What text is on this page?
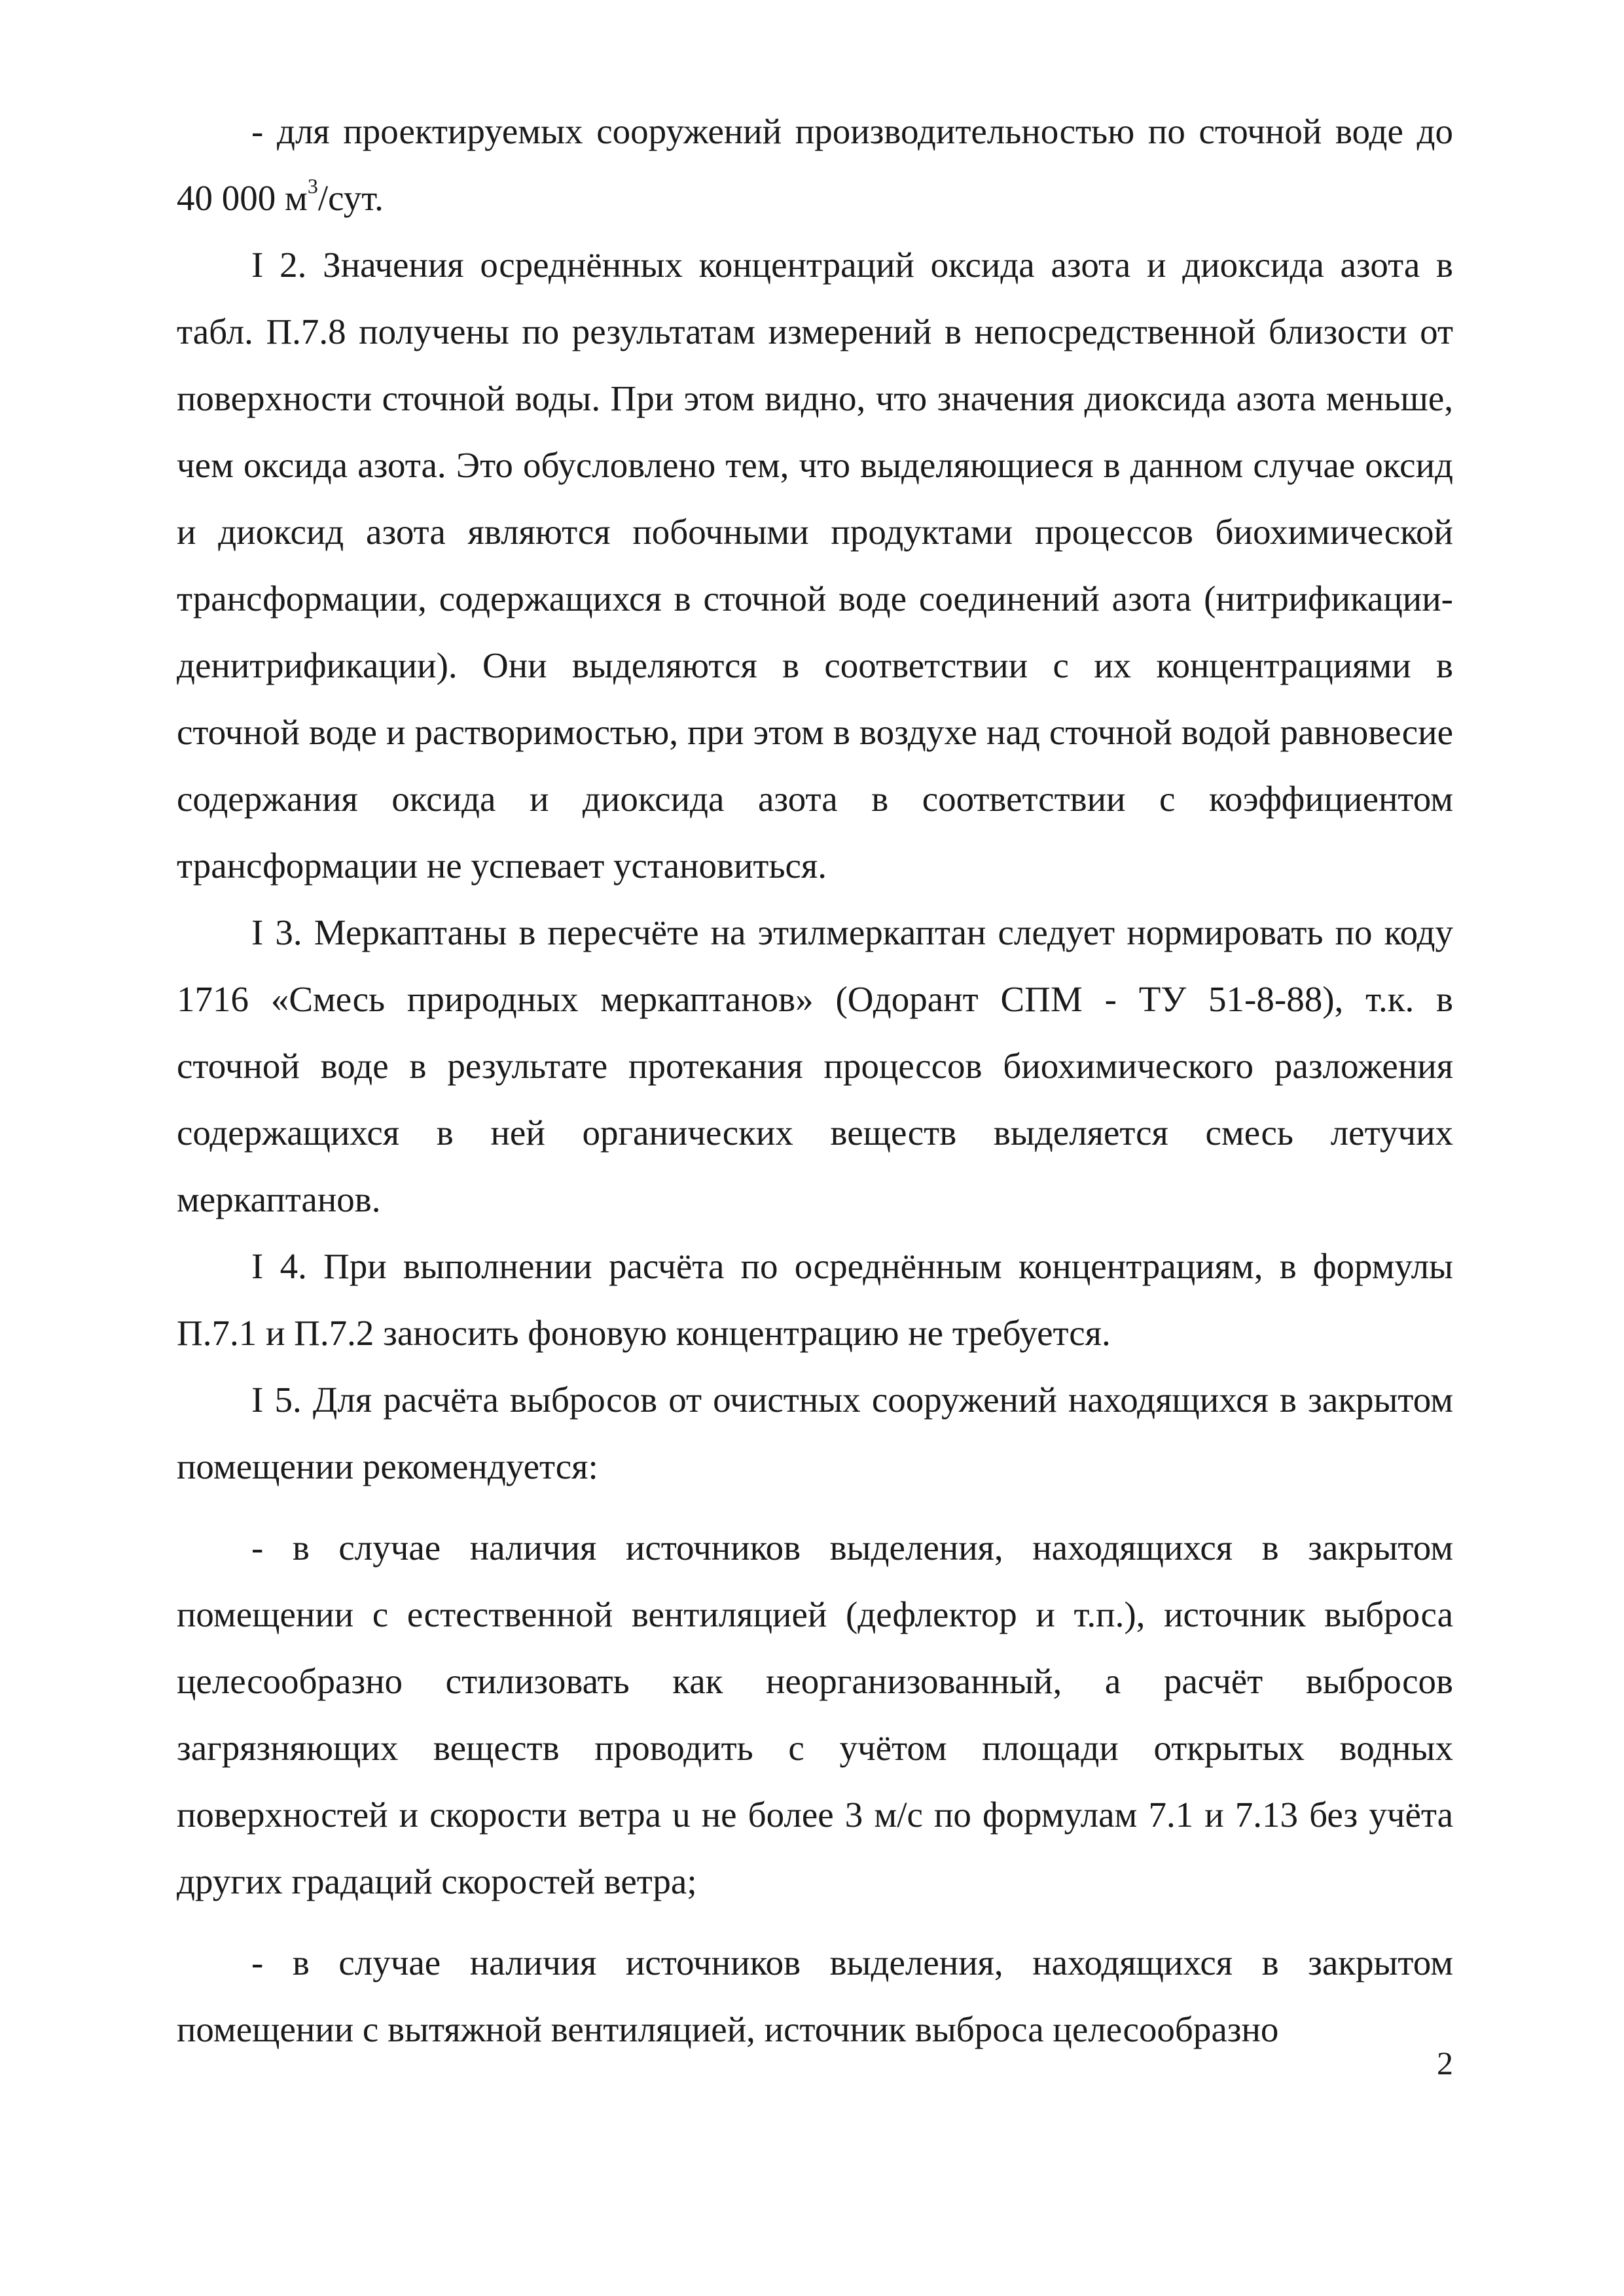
- для проектируемых сооружений производительностью по сточной воде до 40 000 $м^3$/сут.

I 2. Значения осреднённых концентраций оксида азота и диоксида азота в табл. П.7.8 получены по результатам измерений в непосредственной близости от поверхности сточной воды. При этом видно, что значения диоксида азота меньше, чем оксида азота. Это обусловлено тем, что выделяющиеся в данном случае оксид и диоксид азота являются побочными продуктами процессов биохимической трансформации, содержащихся в сточной воде соединений азота (нитрификации-денитрификации). Они выделяются в соответствии с их концентрациями в сточной воде и растворимостью, при этом в воздухе над сточной водой равновесие содержания оксида и диоксида азота в соответствии с коэффициентом трансформации не успевает установиться.

I 3. Меркаптаны в пересчёте на этилмеркаптан следует нормировать по коду 1716 «Смесь природных меркаптанов» (Одорант СПМ - ТУ 51-8-88), т.к. в сточной воде в результате протекания процессов биохимического разложения содержащихся в ней органических веществ выделяется смесь летучих меркаптанов.

I 4. При выполнении расчёта по осреднённым концентрациям, в формулы П.7.1 и П.7.2 заносить фоновую концентрацию не требуется.

I 5. Для расчёта выбросов от очистных сооружений находящихся в закрытом помещении рекомендуется:

- в случае наличия источников выделения, находящихся в закрытом помещении с естественной вентиляцией (дефлектор и т.п.), источник выброса целесообразно стилизовать как неорганизованный, а расчёт выбросов загрязняющих веществ проводить с учётом площади открытых водных поверхностей и скорости ветра u не более 3 м/с по формулам 7.1 и 7.13 без учёта других градаций скоростей ветра;

- в случае наличия источников выделения, находящихся в закрытом помещении с вытяжной вентиляцией, источник выброса целесообразно

2
